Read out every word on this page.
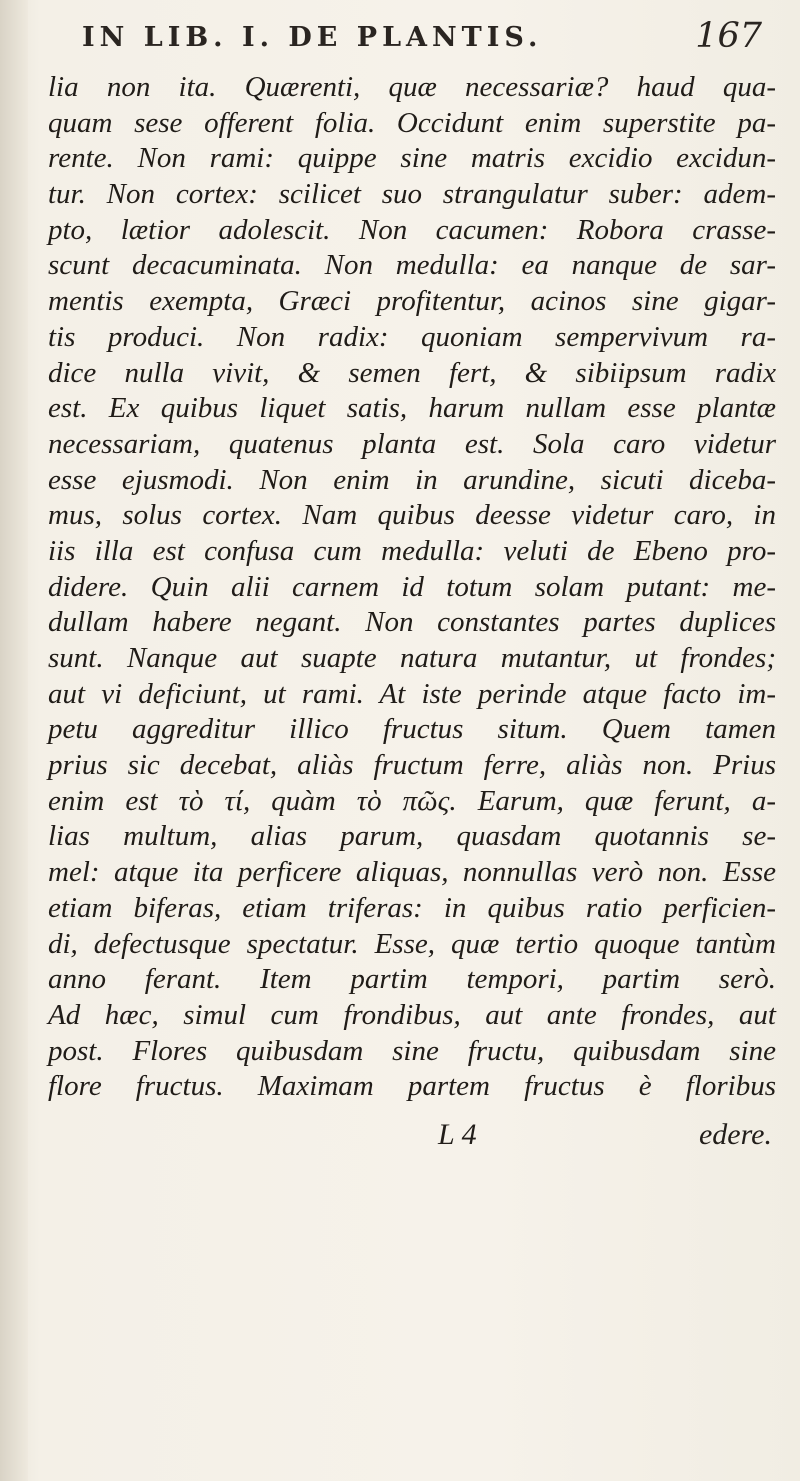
IN LIB. I. DE PLANTIS.	167
lia non ita. Quærenti, quæ necessariæ? haud qua-
quam sese offerent folia. Occidunt enim superstite pa-
rente. Non rami: quippe sine matris excidio excidun-
tur. Non cortex: scilicet suo strangulatur suber: adem-
pto, lætior adolescit. Non cacumen: Robora crasse-
scunt decacuminata. Non medulla: ea nanque de sar-
mentis exempta, Græci profitentur, acinos sine gigar-
tis produci. Non radix: quoniam sempervivum ra-
dice nulla vivit, & semen fert, & sibiipsum radix
est. Ex quibus liquet satis, harum nullam esse plantæ
necessariam, quatenus planta est. Sola caro videtur
esse ejusmodi. Non enim in arundine, sicuti diceba-
mus, solus cortex. Nam quibus deesse videtur caro, in
iis illa est confusa cum medulla: veluti de Ebeno pro-
didere. Quin alii carnem id totum solam putant: me-
dullam habere negant. Non constantes partes duplices
sunt. Nanque aut suapte natura mutantur, ut frondes;
aut vi deficiunt, ut rami. At iste perinde atque facto im-
petu aggreditur illico fructus situm. Quem tamen
prius sic decebat, aliàs fructum ferre, aliàs non. Prius
enim est τὸ τί, quàm τὸ πῶς. Earum, quæ ferunt, a-
lias multum, alias parum, quasdam quotannis se-
mel: atque ita perficere aliquas, nonnullas verò non. Esse
etiam biferas, etiam triferas: in quibus ratio perficien-
di, defectusque spectatur. Esse, quæ tertio quoque tantùm
anno ferant. Item partim tempori, partim serò.
Ad hæc, simul cum frondibus, aut ante frondes, aut
post. Flores quibusdam sine fructu, quibusdam sine
flore fructus. Maximam partem fructus è floribus
L 4	edere.
